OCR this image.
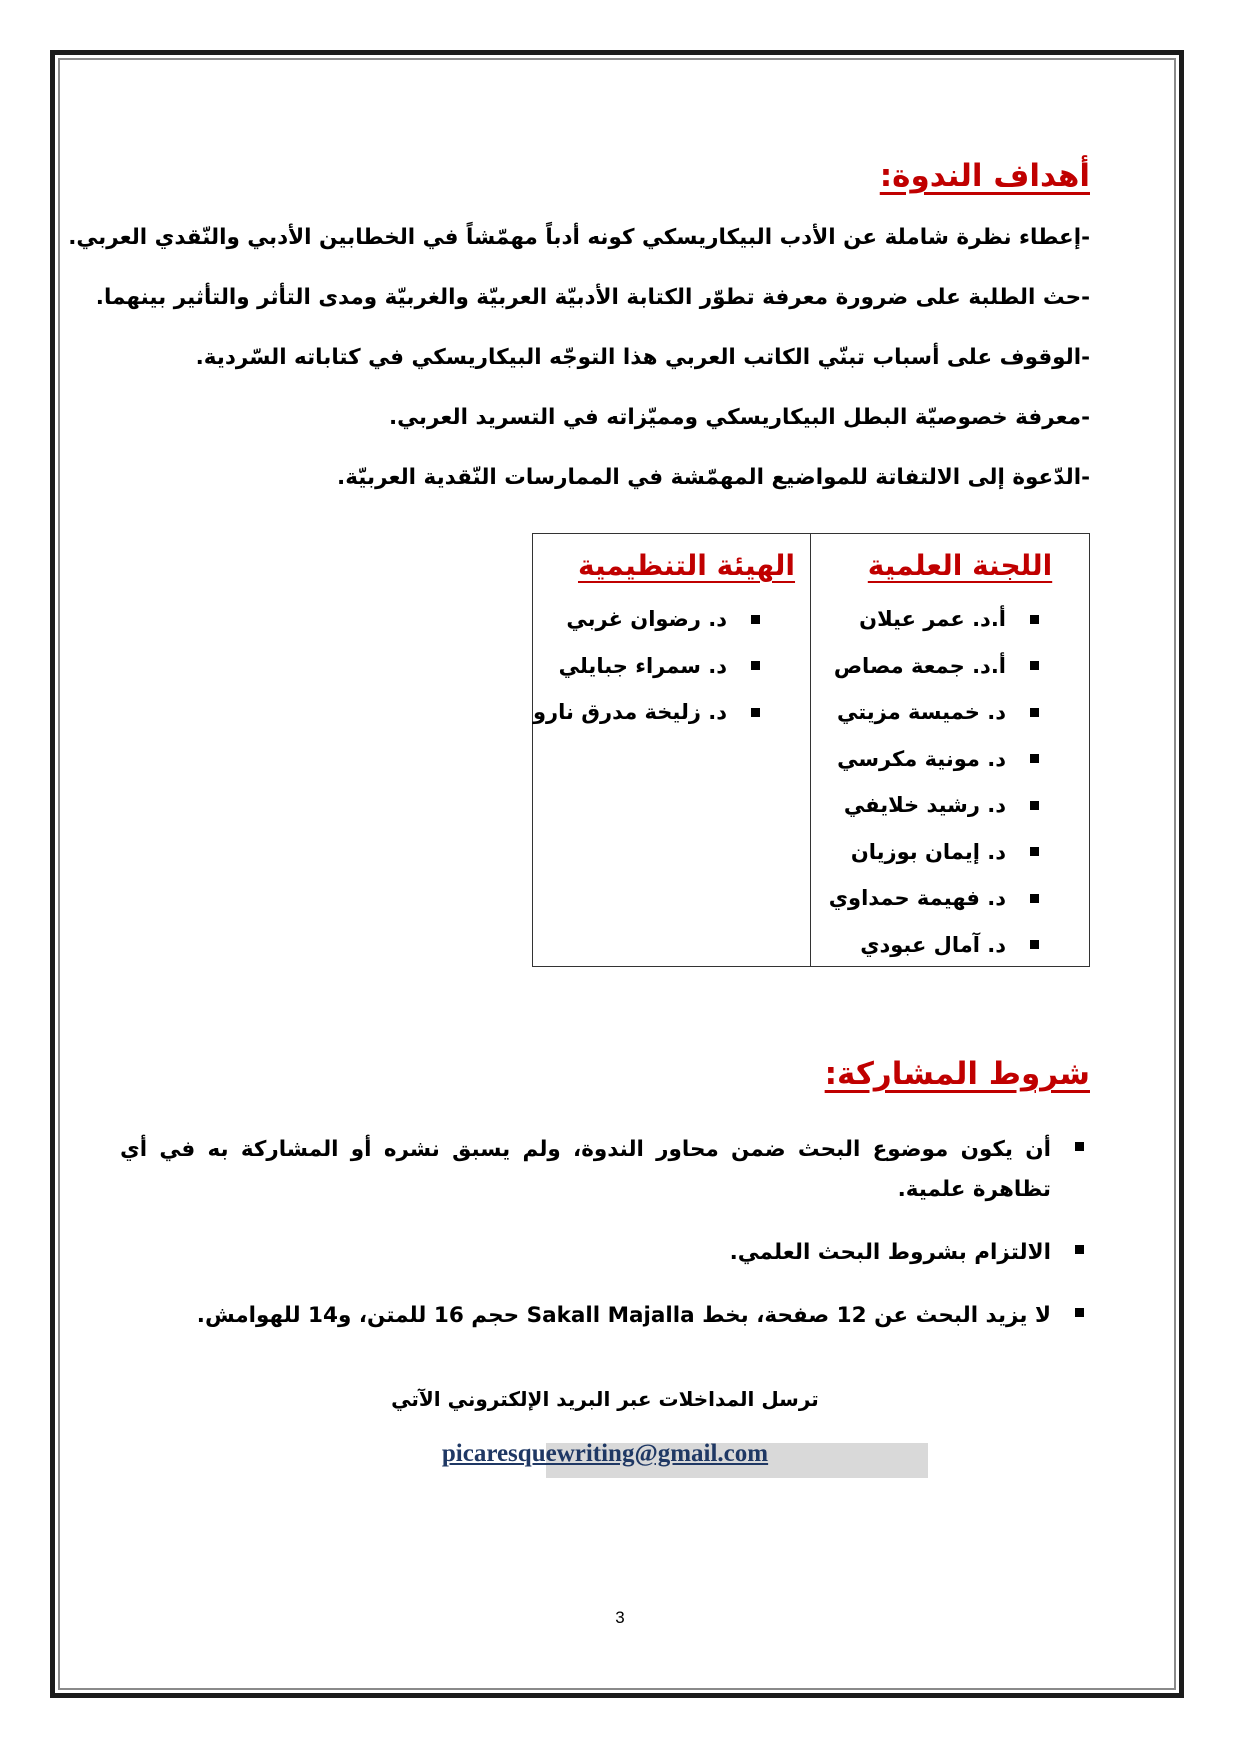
أهداف الندوة:
-إعطاء نظرة شاملة عن الأدب البيكاريسكي كونه أدباً مهمّشاً في الخطابين الأدبي والنّقدي العربي.
-حث الطلبة على ضرورة معرفة تطوّر الكتابة الأدبيّة العربيّة والغربيّة ومدى التأثر والتأثير بينهما.
-الوقوف على أسباب تبنّي الكاتب العربي هذا التوجّه البيكاريسكي في كتاباته السّردية.
-معرفة خصوصيّة البطل البيكاريسكي ومميّزاته في التسريد العربي.
-الدّعوة إلى الالتفاتة للمواضيع المهمّشة في الممارسات النّقدية العربيّة.
اللجنة العلمية
أ.د. عمر عيلان
أ.د. جمعة مصاص
د. خميسة مزيتي
د. مونية مكرسي
د. رشيد خلايفي
د. إيمان بوزيان
د. فهيمة حمداوي
د. آمال عبودي
الهيئة التنظيمية
د. رضوان غربي
د. سمراء جبايلي
د. زليخة مدرق نارو
شروط المشاركة:
أن يكون موضوع البحث ضمن محاور الندوة، ولم يسبق نشره أو المشاركة به في أي تظاهرة علمية.
الالتزام بشروط البحث العلمي.
لا يزيد البحث عن 12 صفحة، بخط Sakall Majalla حجم 16 للمتن، و14 للهوامش.
ترسل المداخلات عبر البريد الإلكتروني الآتي
picaresquewriting@gmail.com
3
